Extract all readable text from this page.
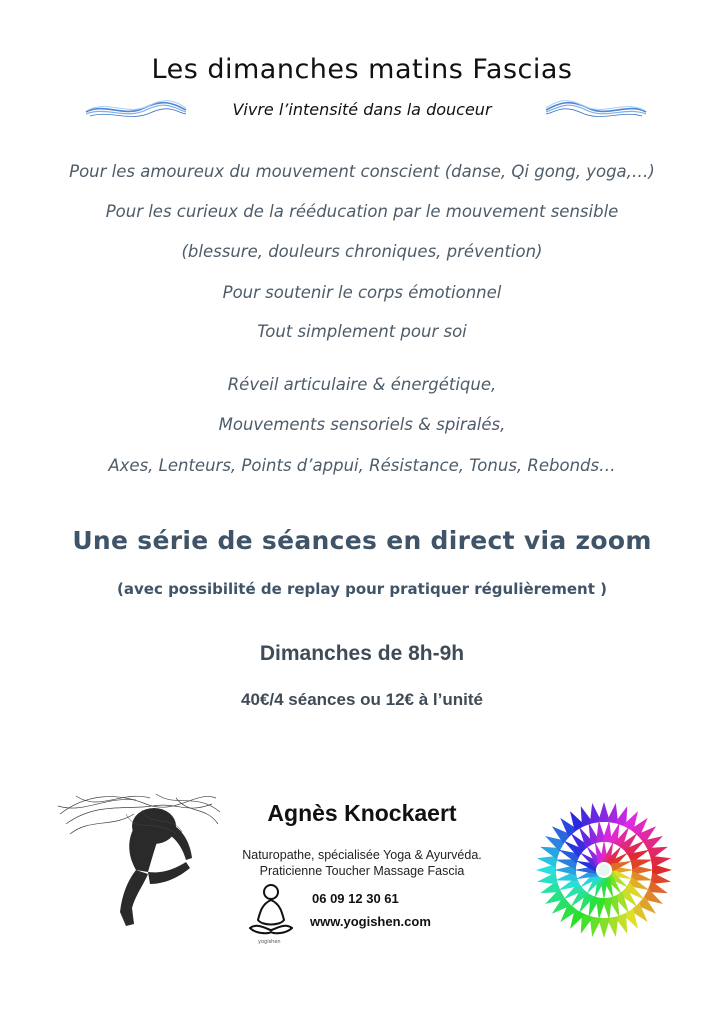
Les dimanches matins Fascias
Vivre l’intensité dans la douceur
Pour les amoureux du mouvement conscient (danse, Qi gong, yoga,…)
Pour les curieux de la rééducation par le mouvement sensible
(blessure, douleurs chroniques, prévention)
Pour soutenir le corps émotionnel
Tout simplement pour soi
Réveil articulaire & énergétique,
Mouvements sensoriels & spiralés,
Axes, Lenteurs, Points d’appui, Résistance, Tonus, Rebonds…
Une série de séances en direct via zoom
(avec possibilité de replay pour pratiquer régulièrement )
Dimanches de 8h-9h
40€/4 séances ou 12€ à l’unité
Agnès Knockaert
Naturopathe, spécialisée Yoga & Ayurvéda.
Praticienne Toucher Massage Fascia
yogishen
06 09 12 30 61
www.yogishen.com
